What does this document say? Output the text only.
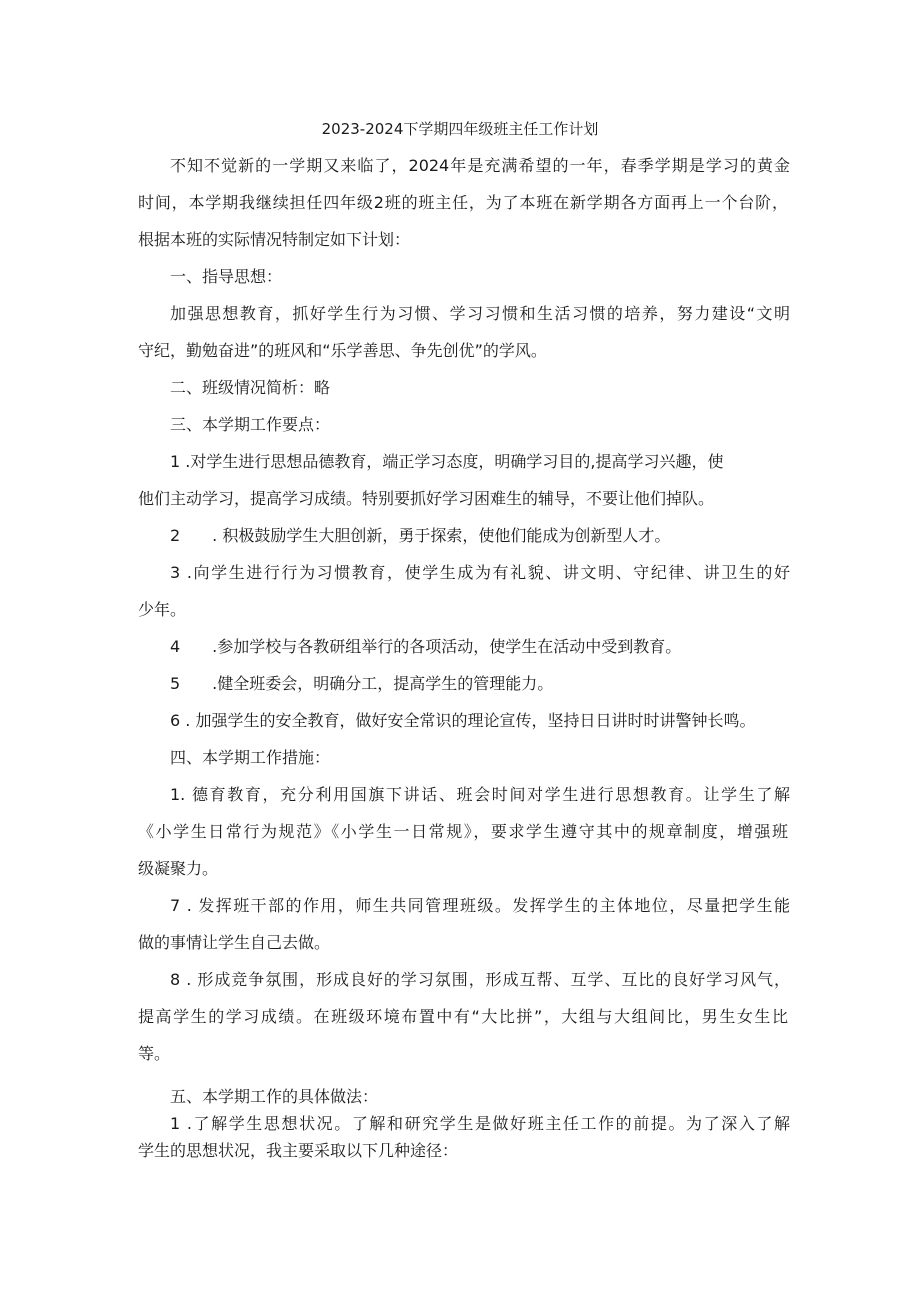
2023-2024下学期四年级班主任工作计划
不知不觉新的一学期又来临了，2024年是充满希望的一年，春季学期是学习的黄金
时间，本学期我继续担任四年级2班的班主任，为了本班在新学期各方面再上一个台阶，
根据本班的实际情况特制定如下计划：
一、指导思想：
加强思想教育，抓好学生行为习惯、学习习惯和生活习惯的培养，努力建设“文明
守纪，勤勉奋进”的班风和“乐学善思、争先创优”的学风。
二、班级情况简析：略
三、本学期工作要点：
1 .对学生进行思想品德教育，端正学习态度，明确学习目的,提高学习兴趣，使
他们主动学习，提高学习成绩。特别要抓好学习困难生的辅导，不要让他们掉队。
2　　. 积极鼓励学生大胆创新，勇于探索，使他们能成为创新型人才。
3 .向学生进行行为习惯教育，使学生成为有礼貌、讲文明、守纪律、讲卫生的好
少年。
4　　.参加学校与各教研组举行的各项活动，使学生在活动中受到教育。
5　　.健全班委会，明确分工，提高学生的管理能力。
6 . 加强学生的安全教育，做好安全常识的理论宣传，坚持日日讲时时讲警钟长鸣。
四、本学期工作措施：
1. 德育教育，充分利用国旗下讲话、班会时间对学生进行思想教育。让学生了解
《小学生日常行为规范》《小学生一日常规》，要求学生遵守其中的规章制度，增强班
级凝聚力。
7 . 发挥班干部的作用，师生共同管理班级。发挥学生的主体地位，尽量把学生能
做的事情让学生自己去做。
8 . 形成竞争氛围，形成良好的学习氛围，形成互帮、互学、互比的良好学习风气，
提高学生的学习成绩。在班级环境布置中有“大比拼”，大组与大组间比，男生女生比
等。
五、本学期工作的具体做法：
1 .了解学生思想状况。了解和研究学生是做好班主任工作的前提。为了深入了解
学生的思想状况，我主要采取以下几种途径：
